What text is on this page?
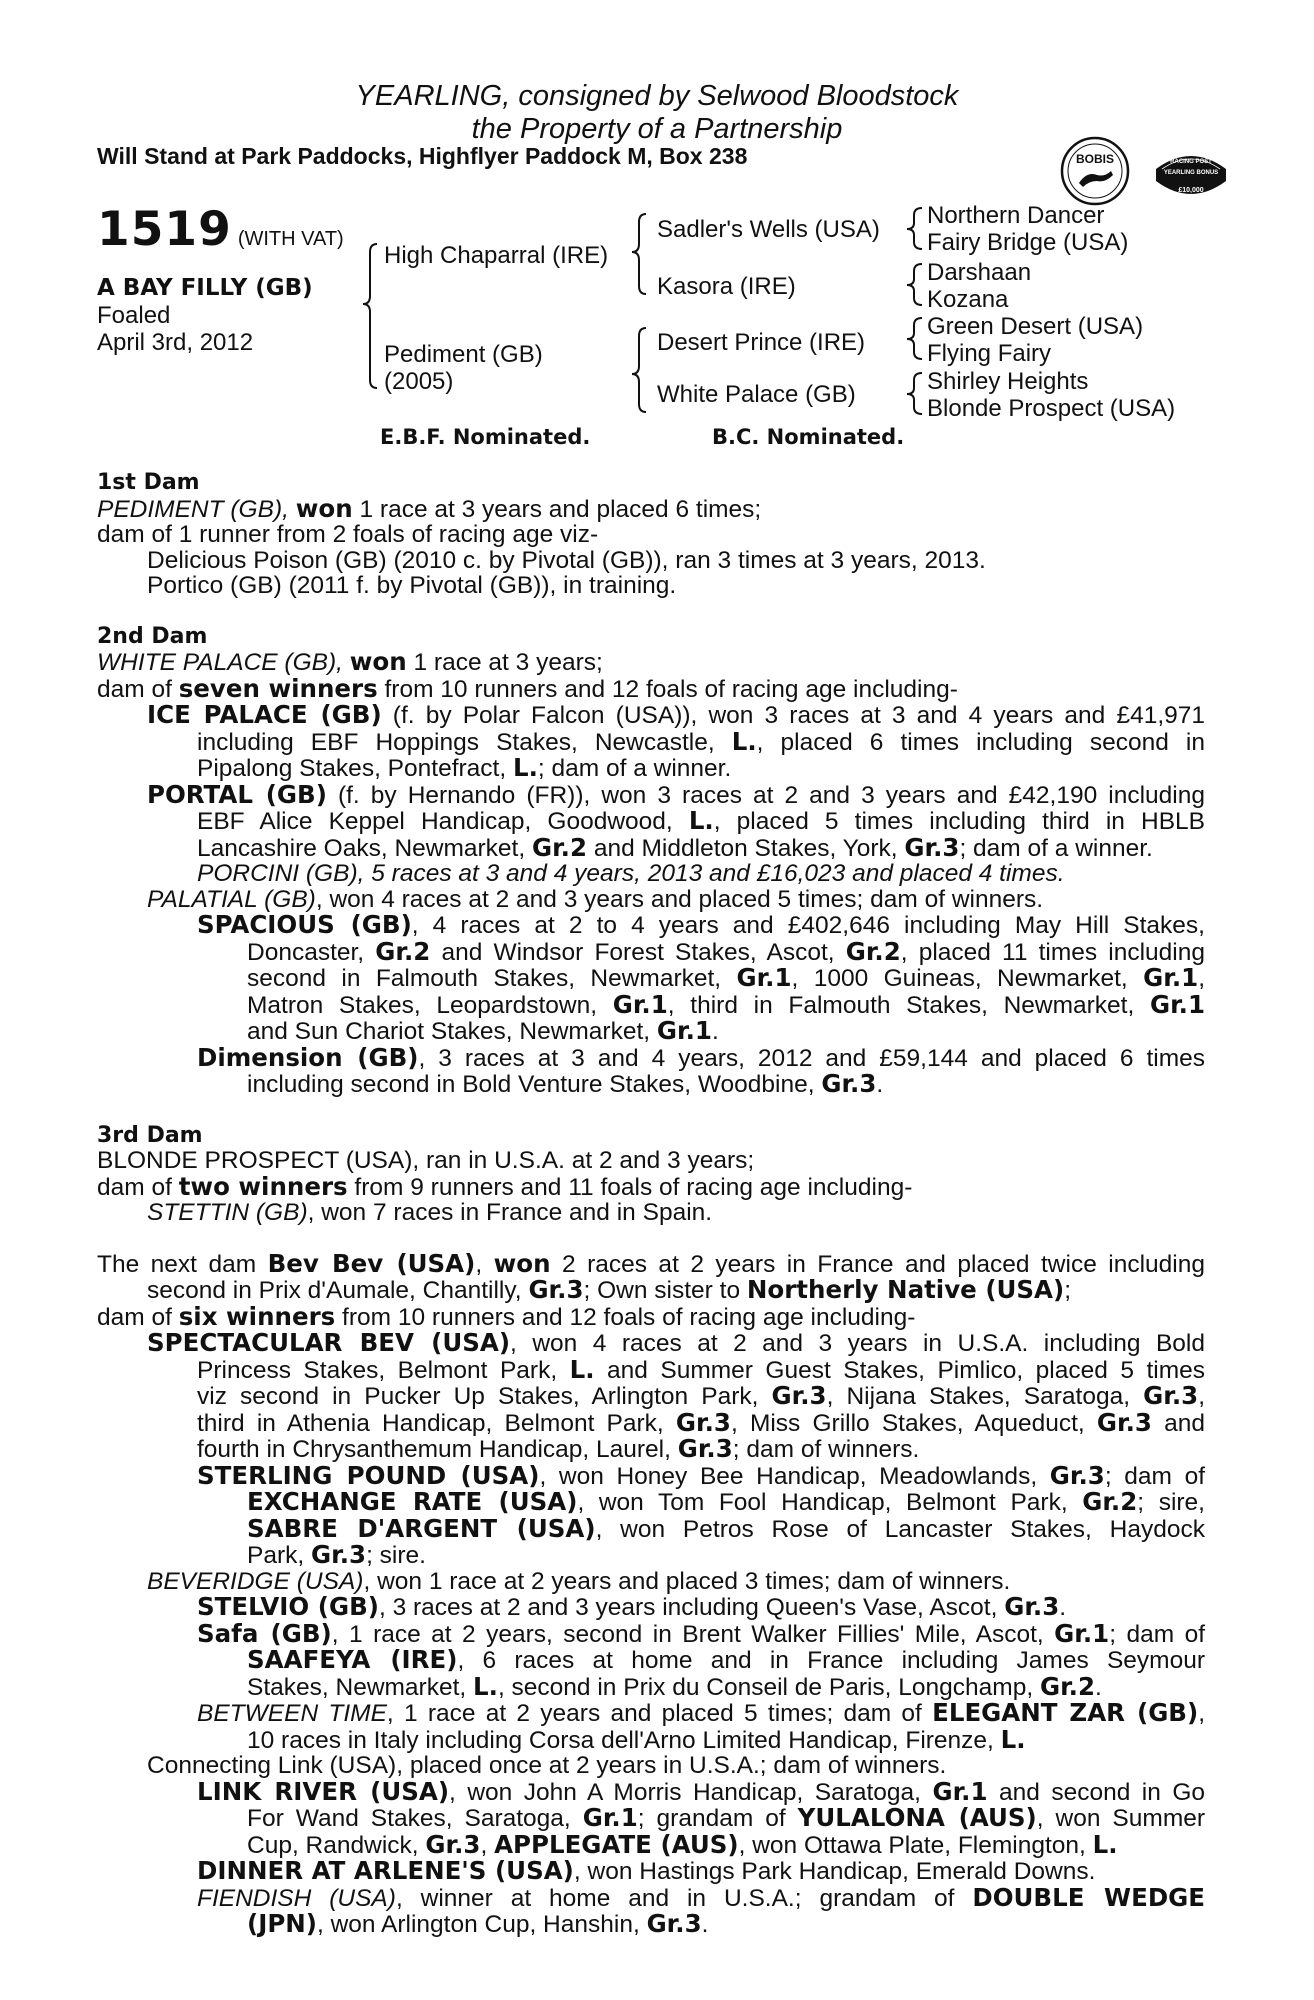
YEARLING, consigned by Selwood Bloodstock
the Property of a Partnership
Will Stand at Park Paddocks, Highflyer Paddock M, Box 238	BOBIS	RACING POST
YEARLING BONUS
£10,000
1519 (WITH VAT)
A BAY FILLY (GB)
Foaled
April 3rd, 2012
High Chaparral (IRE)
Pediment (GB)
(2005)
Sadler's Wells (USA)
Kasora (IRE)
Desert Prince (IRE)
White Palace (GB)
Northern Dancer
Fairy Bridge (USA)
Darshaan
Kozana
Green Desert (USA)
Flying Fairy
Shirley Heights
Blonde Prospect (USA)
E.B.F. Nominated.	B.C. Nominated.
1st Dam
PEDIMENT (GB), won 1 race at 3 years and placed 6 times;
dam of 1 runner from 2 foals of racing age viz-
Delicious Poison (GB) (2010 c. by Pivotal (GB)), ran 3 times at 3 years, 2013.
Portico (GB) (2011 f. by Pivotal (GB)), in training.
2nd Dam
WHITE PALACE (GB), won 1 race at 3 years;
dam of seven winners from 10 runners and 12 foals of racing age including-
ICE PALACE (GB) (f. by Polar Falcon (USA)), won 3 races at 3 and 4 years and £41,971
including EBF Hoppings Stakes, Newcastle, L., placed 6 times including second in
Pipalong Stakes, Pontefract, L.; dam of a winner.
PORTAL (GB) (f. by Hernando (FR)), won 3 races at 2 and 3 years and £42,190 including
EBF Alice Keppel Handicap, Goodwood, L., placed 5 times including third in HBLB
Lancashire Oaks, Newmarket, Gr.2 and Middleton Stakes, York, Gr.3; dam of a winner.
PORCINI (GB), 5 races at 3 and 4 years, 2013 and £16,023 and placed 4 times.
PALATIAL (GB), won 4 races at 2 and 3 years and placed 5 times; dam of winners.
SPACIOUS (GB), 4 races at 2 to 4 years and £402,646 including May Hill Stakes,
Doncaster, Gr.2 and Windsor Forest Stakes, Ascot, Gr.2, placed 11 times including
second in Falmouth Stakes, Newmarket, Gr.1, 1000 Guineas, Newmarket, Gr.1,
Matron Stakes, Leopardstown, Gr.1, third in Falmouth Stakes, Newmarket, Gr.1
and Sun Chariot Stakes, Newmarket, Gr.1.
Dimension (GB), 3 races at 3 and 4 years, 2012 and £59,144 and placed 6 times
including second in Bold Venture Stakes, Woodbine, Gr.3.
3rd Dam
BLONDE PROSPECT (USA), ran in U.S.A. at 2 and 3 years;
dam of two winners from 9 runners and 11 foals of racing age including-
STETTIN (GB), won 7 races in France and in Spain.
The next dam Bev Bev (USA), won 2 races at 2 years in France and placed twice including
second in Prix d'Aumale, Chantilly, Gr.3; Own sister to Northerly Native (USA);
dam of six winners from 10 runners and 12 foals of racing age including-
SPECTACULAR BEV (USA), won 4 races at 2 and 3 years in U.S.A. including Bold
Princess Stakes, Belmont Park, L. and Summer Guest Stakes, Pimlico, placed 5 times
viz second in Pucker Up Stakes, Arlington Park, Gr.3, Nijana Stakes, Saratoga, Gr.3,
third in Athenia Handicap, Belmont Park, Gr.3, Miss Grillo Stakes, Aqueduct, Gr.3 and
fourth in Chrysanthemum Handicap, Laurel, Gr.3; dam of winners.
STERLING POUND (USA), won Honey Bee Handicap, Meadowlands, Gr.3; dam of
EXCHANGE RATE (USA), won Tom Fool Handicap, Belmont Park, Gr.2; sire,
SABRE D'ARGENT (USA), won Petros Rose of Lancaster Stakes, Haydock
Park, Gr.3; sire.
BEVERIDGE (USA), won 1 race at 2 years and placed 3 times; dam of winners.
STELVIO (GB), 3 races at 2 and 3 years including Queen's Vase, Ascot, Gr.3.
Safa (GB), 1 race at 2 years, second in Brent Walker Fillies' Mile, Ascot, Gr.1; dam of
SAAFEYA (IRE), 6 races at home and in France including James Seymour
Stakes, Newmarket, L., second in Prix du Conseil de Paris, Longchamp, Gr.2.
BETWEEN TIME, 1 race at 2 years and placed 5 times; dam of ELEGANT ZAR (GB),
10 races in Italy including Corsa dell'Arno Limited Handicap, Firenze, L.
Connecting Link (USA), placed once at 2 years in U.S.A.; dam of winners.
LINK RIVER (USA), won John A Morris Handicap, Saratoga, Gr.1 and second in Go
For Wand Stakes, Saratoga, Gr.1; grandam of YULALONA (AUS), won Summer
Cup, Randwick, Gr.3, APPLEGATE (AUS), won Ottawa Plate, Flemington, L.
DINNER AT ARLENE'S (USA), won Hastings Park Handicap, Emerald Downs.
FIENDISH (USA), winner at home and in U.S.A.; grandam of DOUBLE WEDGE
(JPN), won Arlington Cup, Hanshin, Gr.3.
